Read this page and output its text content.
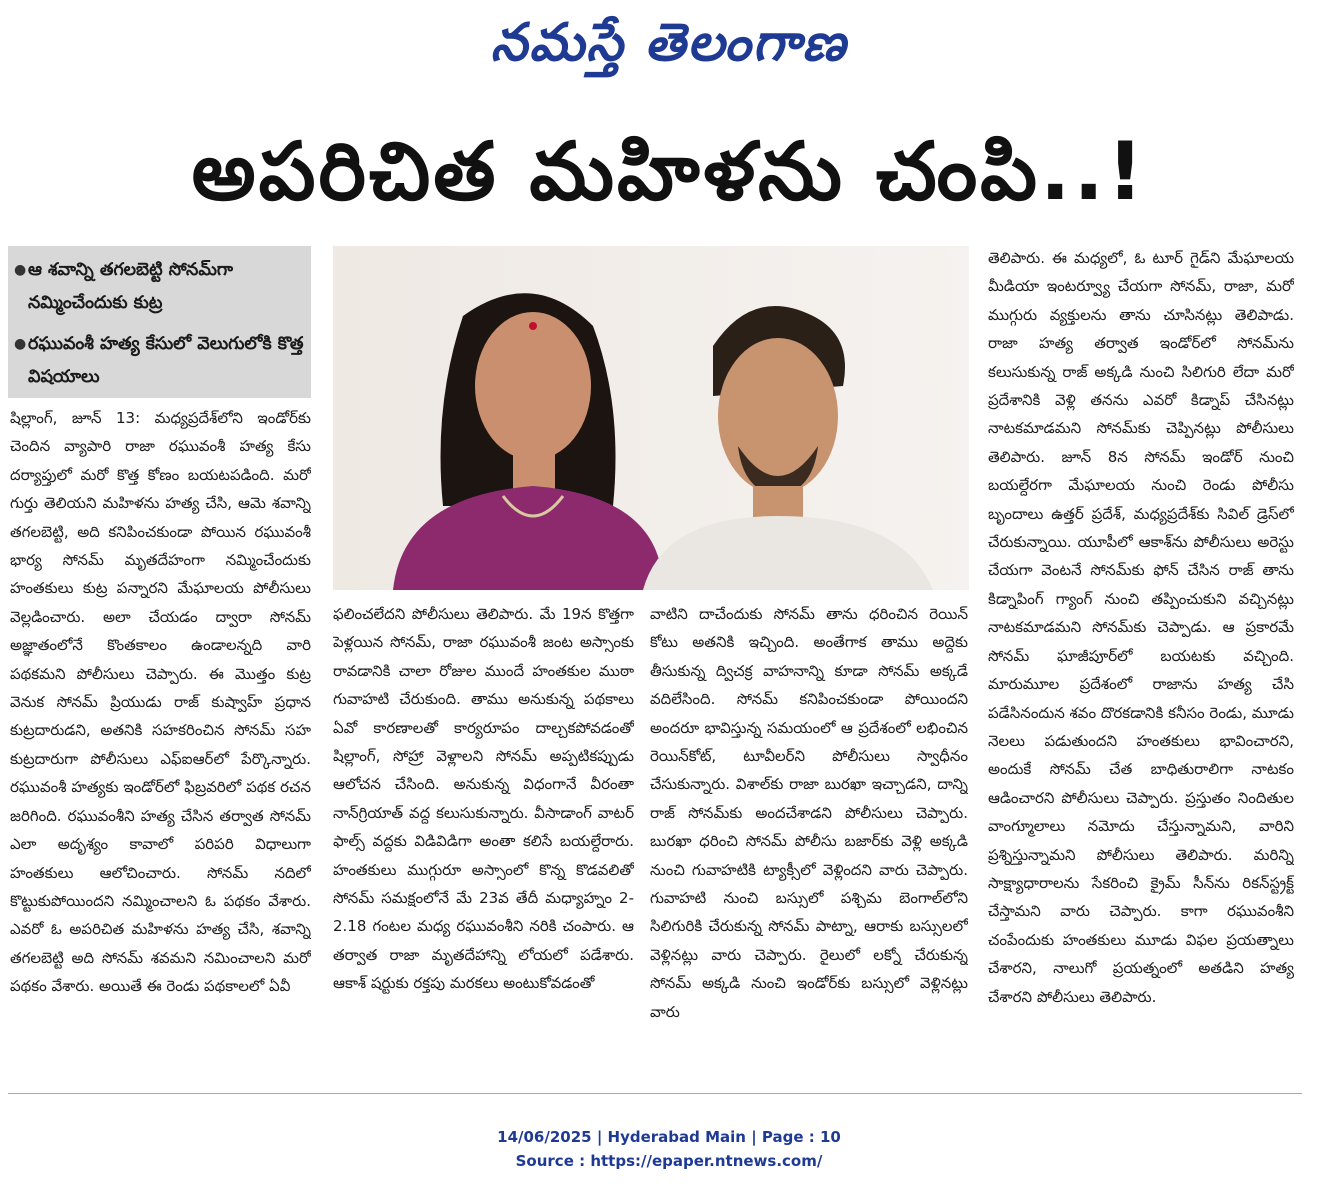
నమస్తే తెలంగాణ
అపరిచిత మహిళను చంపి..!
● ఆ శవాన్ని తగలబెట్టి సోనమ్‌గా నమ్మించేందుకు కుట్ర
● రఘువంశీ హత్య కేసులో వెలుగులోకి కొత్త విషయాలు

షిల్లాంగ్‌, జూన్‌ 13: మధ్యప్రదేశ్‌లోని ఇండోర్‌కు చెందిన వ్యాపారి రాజా రఘువంశీ హత్య కేసు దర్యాప్తులో మరో కొత్త కోణం బయటపడింది. మరో గుర్తు తెలియని మహిళను హత్య చేసి, ఆమె శవాన్ని తగలబెట్టి, అది కనిపించకుండా పోయిన రఘువంశీ భార్య సోనమ్‌ మృతదేహంగా నమ్మించేందుకు హంతకులు కుట్ర పన్నారని మేఘాలయ పోలీసులు వెల్లడించారు. అలా చేయడం ద్వారా సోనమ్‌ అజ్ఞాతంలోనే కొంతకాలం ఉండాలన్నది వారి పథకమని పోలీసులు చెప్పారు. ఈ మొత్తం కుట్ర వెనుక సోనమ్‌ ప్రియుడు రాజ్‌ కుష్వాహ్‌ ప్రధాన కుట్రదారుడని, అతనికి సహకరించిన సోనమ్‌ సహ కుట్రదారుగా పోలీసులు ఎఫ్‌ఐఆర్‌లో పేర్కొన్నారు. రఘువంశీ హత్యకు ఇండోర్‌లో ఫిబ్రవరిలో పథక రచన జరిగింది. రఘువంశీని హత్య చేసిన తర్వాత సోనమ్‌ ఎలా అదృశ్యం కావాలో పరిపరి విధాలుగా హంతకులు ఆలోచించారు. సోనమ్‌ నదిలో కొట్టుకుపోయిందని నమ్మించాలని ఓ పథకం వేశారు. ఎవరో ఓ అపరిచిత మహిళను హత్య చేసి, శవాన్ని తగలబెట్టి అది సోనమ్‌ శవమని నమించాలని మరో పథకం వేశారు. అయితే ఈ రెండు పథకాలలో ఏవీ

ఫలించలేదని పోలీసులు తెలిపారు. మే 19న కొత్తగా పెళ్లయిన సోనమ్‌, రాజా రఘువంశీ జంట అస్సాంకు రావడానికి చాలా రోజుల ముందే హంతకుల ముఠా గువాహటి చేరుకుంది. తాము అనుకున్న పథకాలు ఏవో కారణాలతో కార్యరూపం దాల్చకపోవడంతో షిల్లాంగ్‌, సోహ్రా వెళ్లాలని సోనమ్‌ అప్పటికప్పుడు ఆలోచన చేసింది. అనుకున్న విధంగానే వీరంతా నాన్‌గ్రియాత్‌ వద్ద కలుసుకున్నారు. వీసాడాంగ్‌ వాటర్‌ ఫాల్స్‌ వద్దకు విడివిడిగా అంతా కలిసే బయల్దేరారు. హంతకులు ముగ్గురూ అస్సాంలో కొన్న కొడవలితో సోనమ్‌ సమక్షంలోనే మే 23వ తేదీ మధ్యాహ్నం 2-2.18 గంటల మధ్య రఘువంశీని నరికి చంపారు. ఆ తర్వాత రాజా మృతదేహాన్ని లోయలో పడేశారు. ఆకాశ్‌ షర్టుకు రక్తపు మరకలు అంటుకోవడంతో

వాటిని దాచేందుకు సోనమ్‌ తాను ధరించిన రెయిన్‌ కోటు అతనికి ఇచ్చింది. అంతేగాక తాము అద్దెకు తీసుకున్న ద్విచక్ర వాహనాన్ని కూడా సోనమ్‌ అక్కడే వదిలేసింది. సోనమ్‌ కనిపించకుండా పోయిందని అందరూ భావిస్తున్న సమయంలో ఆ ప్రదేశంలో లభించిన రెయిన్‌కోట్‌, టూవీలర్‌ని పోలీసులు స్వాధీనం చేసుకున్నారు. విశాల్‌కు రాజా బురఖా ఇచ్చాడని, దాన్ని రాజ్‌ సోనమ్‌కు అందచేశాడని పోలీసులు చెప్పారు. బురఖా ధరించి సోనమ్‌ పోలీసు బజార్‌కు వెళ్లి అక్కడి నుంచి గువాహటికి ట్యాక్సీలో వెళ్లిందని వారు చెప్పారు. గువాహటి నుంచి బస్సులో పశ్చిమ బెంగాల్‌లోని సిలిగురికి చేరుకున్న సోనమ్‌ పాట్నా, ఆరాకు బస్సులలో వెళ్లినట్లు వారు చెప్పారు. రైలులో లక్నో చేరుకున్న సోనమ్‌ అక్కడి నుంచి ఇండోర్‌కు బస్సులో వెళ్లినట్లు వారు

తెలిపారు. ఈ మధ్యలో, ఓ టూర్‌ గైడ్‌ని మేఘాలయ మీడియా ఇంటర్వ్యూ చేయగా సోనమ్‌, రాజా, మరో ముగ్గురు వ్యక్తులను తాను చూసినట్లు తెలిపాడు. రాజా హత్య తర్వాత ఇండోర్‌లో సోనమ్‌ను కలుసుకున్న రాజ్‌ అక్కడి నుంచి సిలిగురి లేదా మరో ప్రదేశానికి వెళ్లి తనను ఎవరో కిడ్నాప్‌ చేసినట్లు నాటకమాడమని సోనమ్‌కు చెప్పినట్లు పోలీసులు తెలిపారు. జూన్‌ 8న సోనమ్‌ ఇండోర్‌ నుంచి బయల్దేరగా మేఘాలయ నుంచి రెండు పోలీసు బృందాలు ఉత్తర్‌ ప్రదేశ్‌, మధ్యప్రదేశ్‌కు సివిల్‌ డ్రెస్‌లో చేరుకున్నాయి. యూపీలో ఆకాశ్‌ను పోలీసులు అరెస్టు చేయగా వెంటనే సోనమ్‌కు ఫోన్‌ చేసిన రాజ్‌ తాను కిడ్నాపింగ్‌ గ్యాంగ్‌ నుంచి తప్పించుకుని వచ్చినట్లు నాటకమాడమని సోనమ్‌కు చెప్పాడు. ఆ ప్రకారమే సోనమ్‌ ఘాజీపూర్‌లో బయటకు వచ్చింది. మారుమూల ప్రదేశంలో రాజాను హత్య చేసి పడేసినందున శవం దొరకడానికి కనీసం రెండు, మూడు నెలలు పడుతుందని హంతకులు భావించారని, అందుకే సోనమ్‌ చేత బాధితురాలిగా నాటకం ఆడించారని పోలీసులు చెప్పారు. ప్రస్తుతం నిందితుల వాంగ్మూలాలు నమోదు చేస్తున్నామని, వారిని ప్రశ్నిస్తున్నామని పోలీసులు తెలిపారు. మరిన్ని సాక్ష్యాధారాలను సేకరించి క్రైమ్‌ సీన్‌ను రికన్‌స్ట్రక్ట్‌ చేస్తామని వారు చెప్పారు. కాగా రఘువంశీని చంపేందుకు హంతకులు మూడు విఫల ప్రయత్నాలు చేశారని, నాలుగో ప్రయత్నంలో అతడిని హత్య చేశారని పోలీసులు తెలిపారు.

14/06/2025 | Hyderabad Main | Page : 10
Source : https://epaper.ntnews.com/
